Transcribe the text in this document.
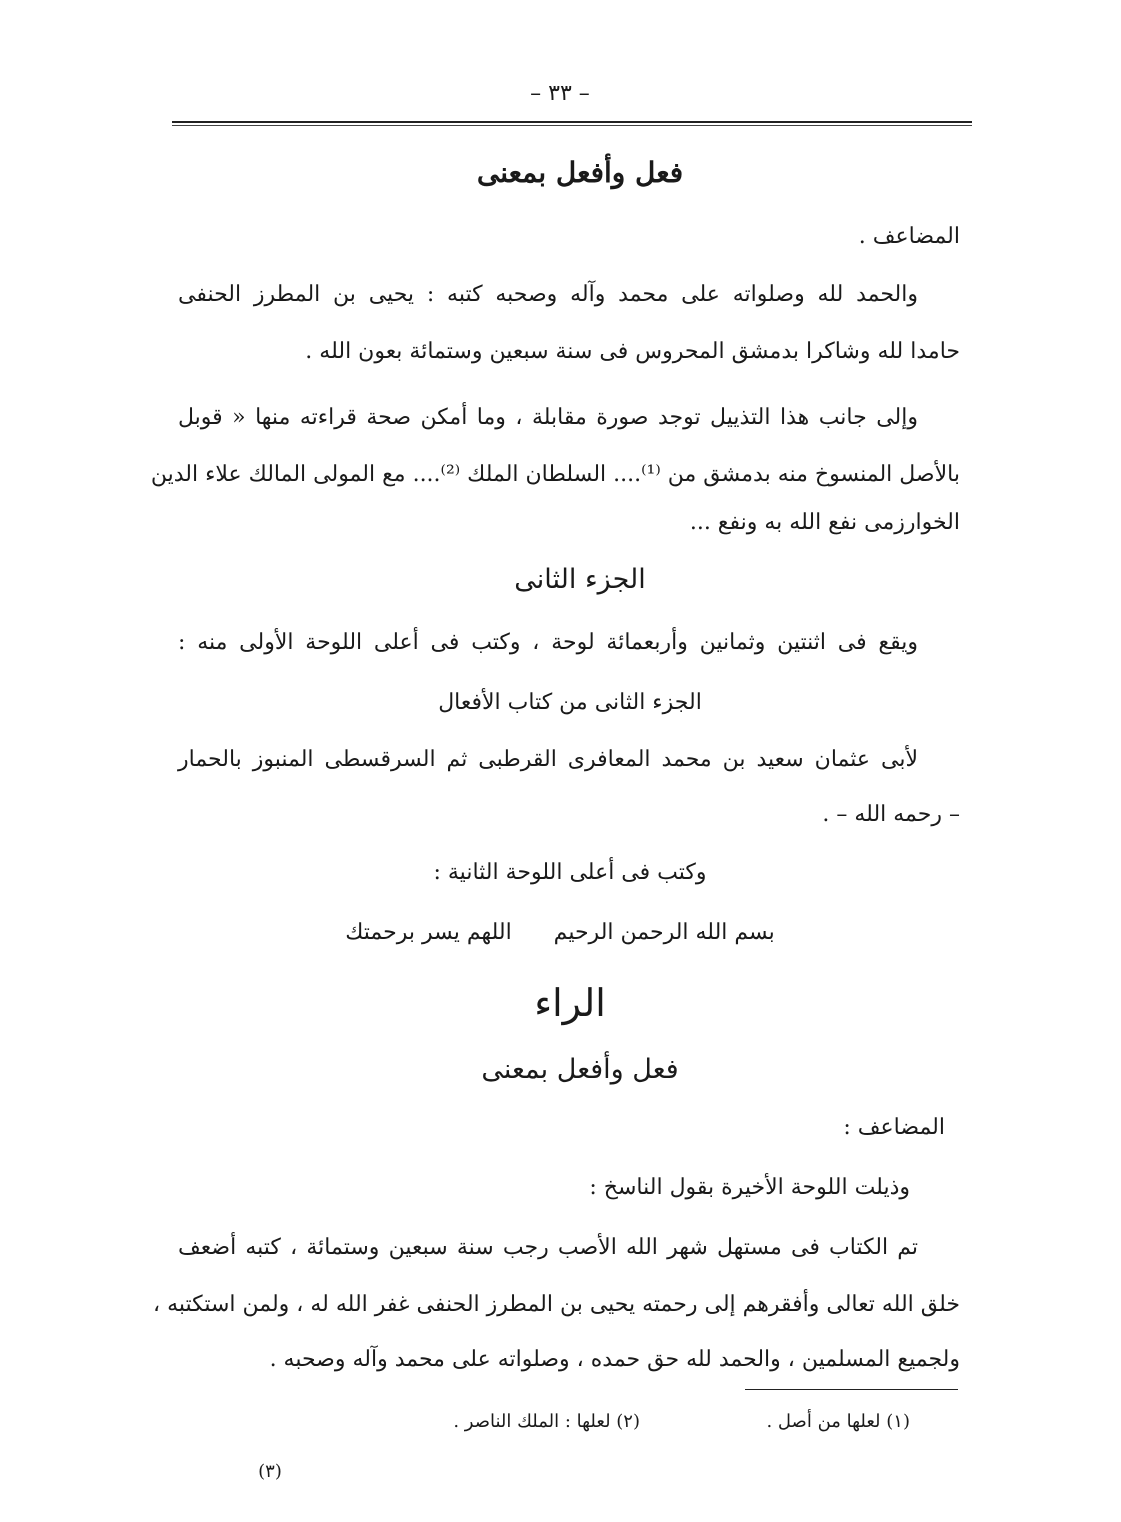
– ٣٣ –
فعل وأفعل بمعنى
المضاعف .
والحمد لله وصلواته على محمد وآله وصحبه كتبه : يحيى بن المطرز الحنفى
حامدا لله وشاكرا بدمشق المحروس فى سنة سبعين وستمائة بعون الله .
وإلى جانب هذا التذييل توجد صورة مقابلة ، وما أمكن صحة قراءته منها « قوبل
بالأصل المنسوخ منه بدمشق من ⁽¹⁾.... السلطان الملك ⁽²⁾.... مع المولى المالك علاء الدين
الخوارزمى نفع الله به ونفع ...
الجزء الثانى
ويقع فى اثنتين وثمانين وأربعمائة لوحة ، وكتب فى أعلى اللوحة الأولى منه :
الجزء الثانى من كتاب الأفعال
لأبى عثمان سعيد بن محمد المعافرى القرطبى ثم السرقسطى المنبوز بالحمار
– رحمه الله – .
وكتب فى أعلى اللوحة الثانية :
بسم الله الرحمن الرحيم      اللهم يسر برحمتك
الراء
فعل وأفعل بمعنى
المضاعف :
وذيلت اللوحة الأخيرة بقول الناسخ :
تم الكتاب فى مستهل شهر الله الأصب رجب سنة سبعين وستمائة ، كتبه أضعف
خلق الله تعالى وأفقرهم إلى رحمته يحيى بن المطرز الحنفى غفر الله له ، ولمن استكتبه ،
ولجميع المسلمين ، والحمد لله حق حمده ، وصلواته على محمد وآله وصحبه .
(١) لعلها من أصل .
(٢) لعلها : الملك الناصر .
(٣)
